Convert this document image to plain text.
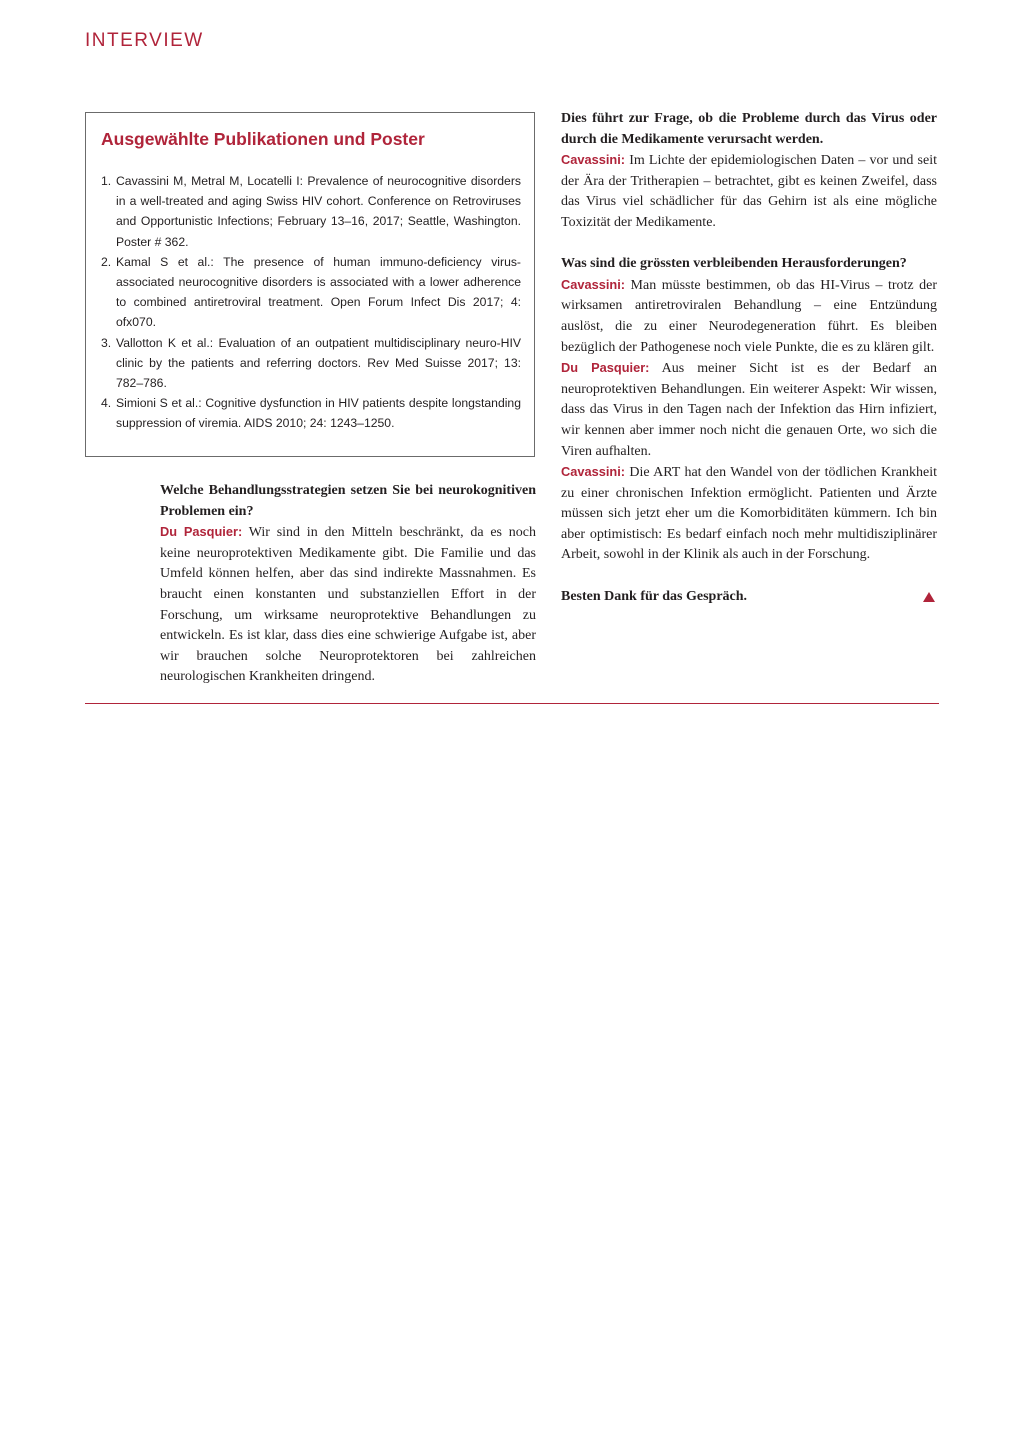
INTERVIEW
Ausgewählte Publikationen und Poster
1. Cavassini M, Metral M, Locatelli I: Prevalence of neurocognitive disorders in a well-treated and aging Swiss HIV cohort. Conference on Retroviruses and Opportunistic Infections; February 13–16, 2017; Seattle, Washington. Poster # 362.
2. Kamal S et al.: The presence of human immuno-deficiency virus-associated neurocognitive disorders is associated with a lower adherence to combined antiretroviral treatment. Open Forum Infect Dis 2017; 4: ofx070.
3. Vallotton K et al.: Evaluation of an outpatient multidisciplinary neuro-HIV clinic by the patients and referring doctors. Rev Med Suisse 2017; 13: 782–786.
4. Simioni S et al.: Cognitive dysfunction in HIV patients despite longstanding suppression of viremia. AIDS 2010; 24: 1243–1250.

Welche Behandlungsstrategien setzen Sie bei neurokognitiven Problemen ein?

Du Pasquier: Wir sind in den Mitteln beschränkt, da es noch keine neuroprotektiven Medikamente gibt. Die Familie und das Umfeld können helfen, aber das sind indirekte Massnahmen. Es braucht einen konstanten und substanziellen Effort in der Forschung, um wirksame neuroprotektive Behandlungen zu entwickeln. Es ist klar, dass dies eine schwierige Aufgabe ist, aber wir brauchen solche Neuroprotektoren bei zahlreichen neurologischen Krankheiten dringend.

Dies führt zur Frage, ob die Probleme durch das Virus oder durch die Medikamente verursacht werden.

Cavassini: Im Lichte der epidemiologischen Daten – vor und seit der Ära der Tritherapien – betrachtet, gibt es keinen Zweifel, dass das Virus viel schädlicher für das Gehirn ist als eine mögliche Toxizität der Medikamente.

Was sind die grössten verbleibenden Herausforderungen?

Cavassini: Man müsste bestimmen, ob das HI-Virus – trotz der wirksamen antiretroviralen Behandlung – eine Entzündung auslöst, die zu einer Neurodegeneration führt. Es bleiben bezüglich der Pathogenese noch viele Punkte, die es zu klären gilt.

Du Pasquier: Aus meiner Sicht ist es der Bedarf an neuroprotektiven Behandlungen. Ein weiterer Aspekt: Wir wissen, dass das Virus in den Tagen nach der Infektion das Hirn infiziert, wir kennen aber immer noch nicht die genauen Orte, wo sich die Viren aufhalten.

Cavassini: Die ART hat den Wandel von der tödlichen Krankheit zu einer chronischen Infektion ermöglicht. Patienten und Ärzte müssen sich jetzt eher um die Komorbiditäten kümmern. Ich bin aber optimistisch: Es bedarf einfach noch mehr multidisziplinärer Arbeit, sowohl in der Klinik als auch in der Forschung.

Besten Dank für das Gespräch.
